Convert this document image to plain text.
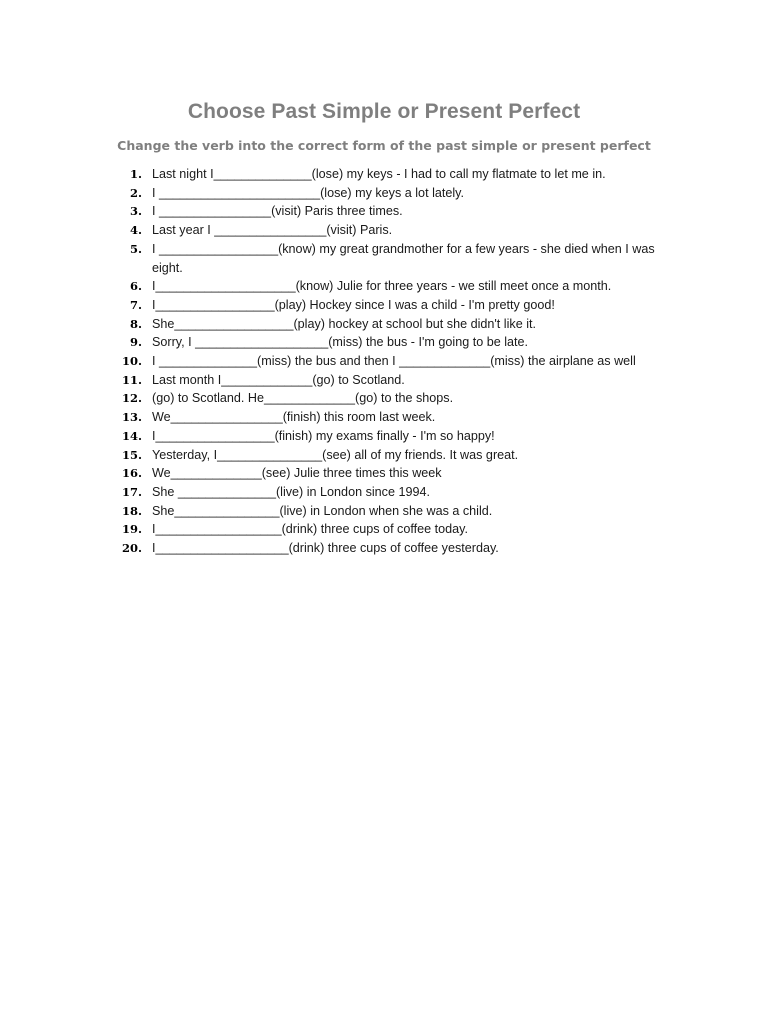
Choose Past Simple or Present Perfect

Change the verb into the correct form of the past simple or present perfect

1. Last night I______________(lose) my keys - I had to call my flatmate to let me in.
2. I _______________________(lose) my keys a lot lately.
3. I ________________(visit) Paris three times.
4. Last year I ________________(visit) Paris.
5. I _________________(know) my great grandmother for a few years - she died when I was eight.
6. I____________________(know) Julie for three years - we still meet once a month.
7. I_________________(play) Hockey since I was a child - I'm pretty good!
8. She_________________(play) hockey at school but she didn't like it.
9. Sorry, I ___________________(miss) the bus - I'm going to be late.
10. I ______________(miss) the bus and then I _____________(miss) the airplane as well
11. Last month I_____________(go) to Scotland.
12. (go) to Scotland. He_____________(go) to the shops.
13. We________________(finish) this room last week.
14. I_________________(finish) my exams finally - I'm so happy!
15. Yesterday, I_______________(see) all of my friends. It was great.
16. We_____________(see) Julie three times this week
17. She ______________(live) in London since 1994.
18. She_______________(live) in London when she was a child.
19. I__________________(drink) three cups of coffee today.
20. I___________________(drink) three cups of coffee yesterday.
